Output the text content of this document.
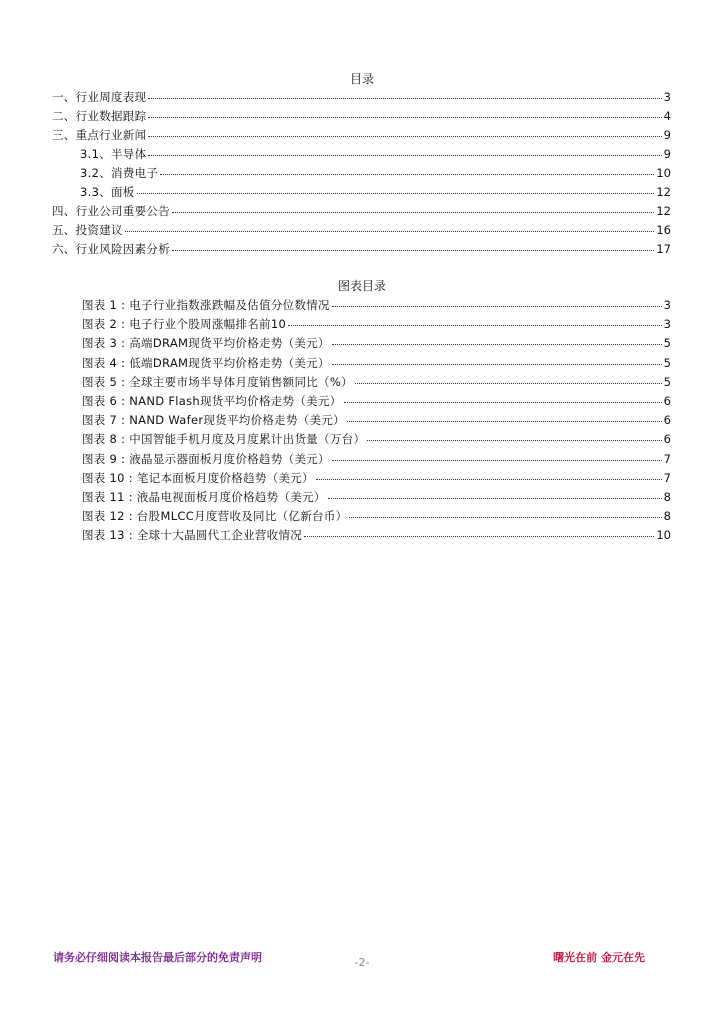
目录
一、行业周度表现	3
二、行业数据跟踪	4
三、重点行业新闻	9
3.1、半导体	9
3.2、消费电子	10
3.3、面板	12
四、行业公司重要公告	12
五、投资建议	16
六、行业风险因素分析	17
图表目录
图表 1 : 电子行业指数涨跌幅及估值分位数情况	3
图表 2 : 电子行业个股周涨幅排名前10	3
图表 3 : 高端DRAM现货平均价格走势（美元）	5
图表 4 : 低端DRAM现货平均价格走势（美元）	5
图表 5 : 全球主要市场半导体月度销售额同比（%）	5
图表 6 : NAND Flash现货平均价格走势（美元）	6
图表 7 : NAND Wafer现货平均价格走势（美元）	6
图表 8 : 中国智能手机月度及月度累计出货量（万台）	6
图表 9 : 液晶显示器面板月度价格趋势（美元）	7
图表 10 : 笔记本面板月度价格趋势（美元）	7
图表 11 : 液晶电视面板月度价格趋势（美元）	8
图表 12 : 台股MLCC月度营收及同比（亿新台币）	8
图表 13 : 全球十大晶圆代工企业营收情况	10
请务必仔细阅读本报告最后部分的免责声明	-2-	曙光在前 金元在先
